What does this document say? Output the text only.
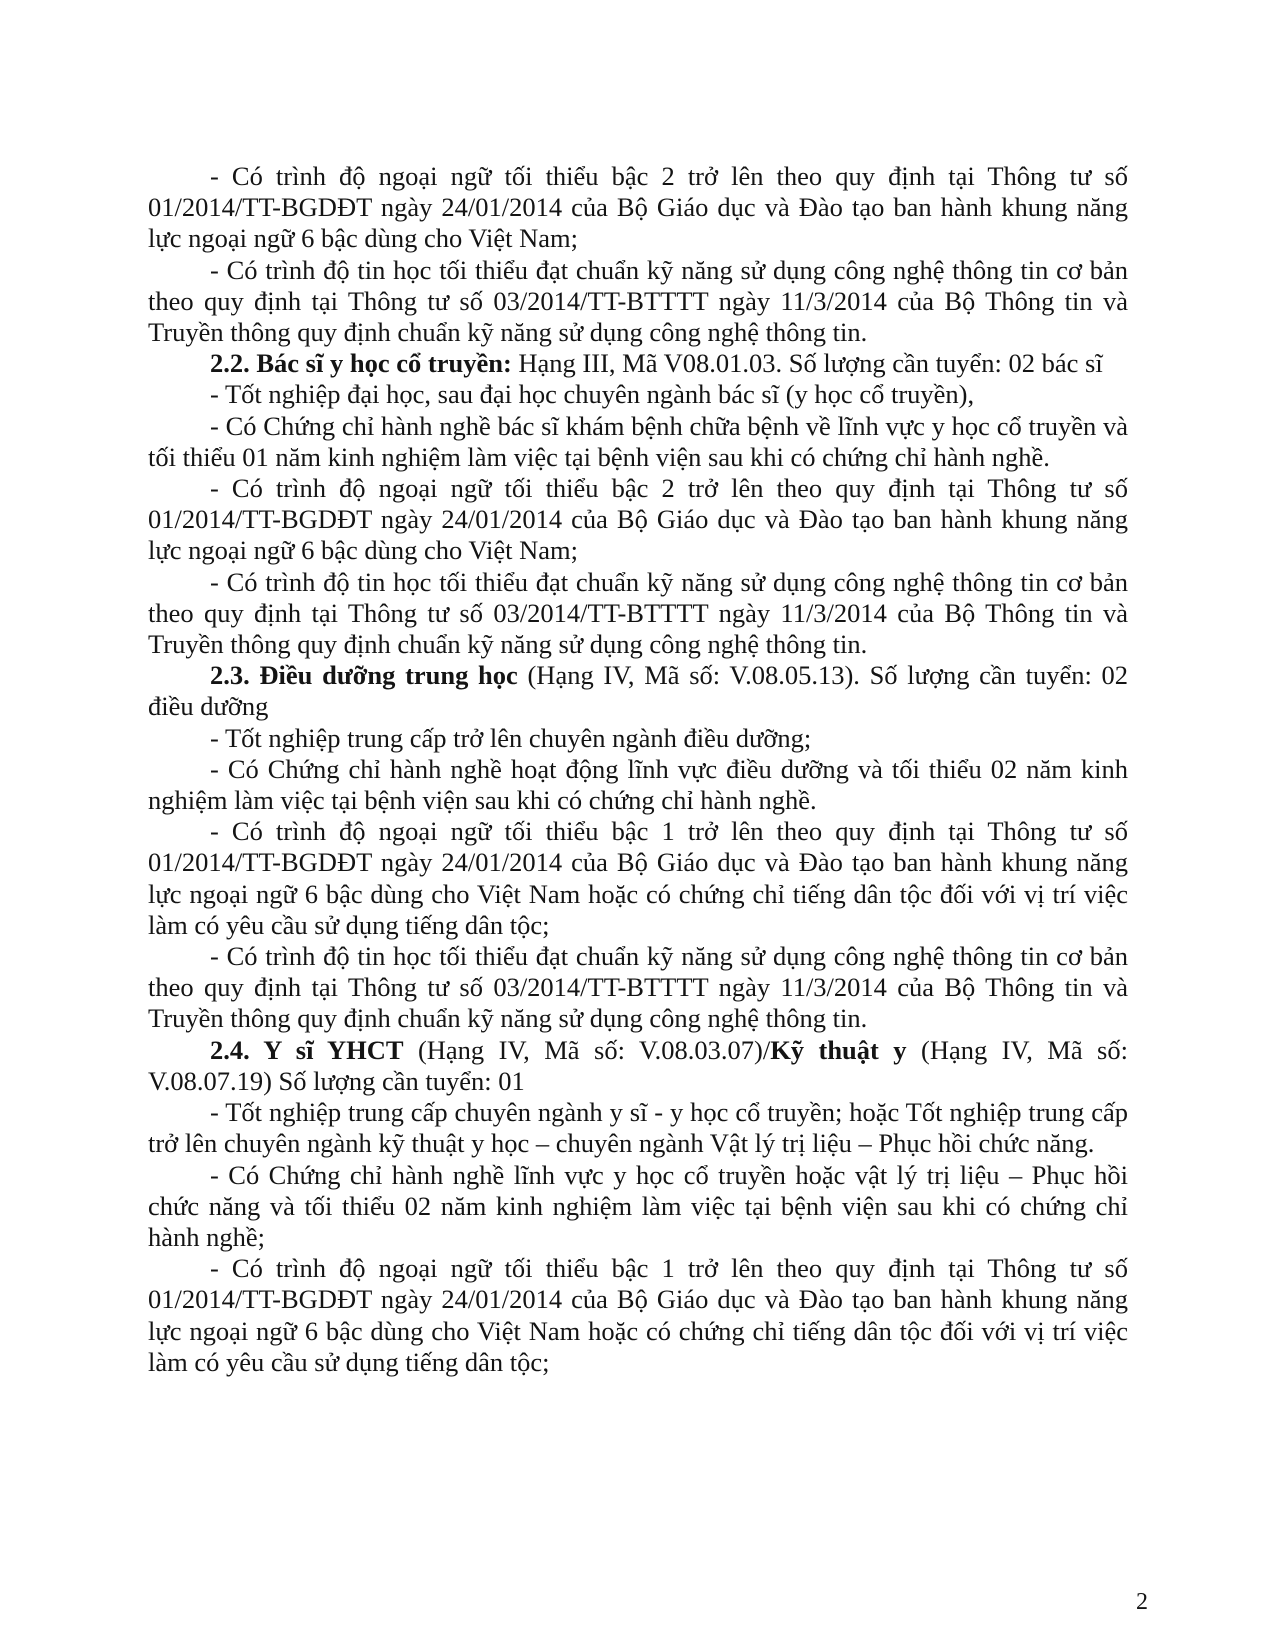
- Có trình độ ngoại ngữ tối thiểu bậc 2 trở lên theo quy định tại Thông tư số 01/2014/TT-BGDĐT ngày 24/01/2014 của Bộ Giáo dục và Đào tạo ban hành khung năng lực ngoại ngữ 6 bậc dùng cho Việt Nam;

- Có trình độ tin học tối thiểu đạt chuẩn kỹ năng sử dụng công nghệ thông tin cơ bản theo quy định tại Thông tư số 03/2014/TT-BTTTT ngày 11/3/2014 của Bộ Thông tin và Truyền thông quy định chuẩn kỹ năng sử dụng công nghệ thông tin.

2.2. Bác sĩ y học cổ truyền: Hạng III, Mã V08.01.03. Số lượng cần tuyển: 02 bác sĩ

- Tốt nghiệp đại học, sau đại học chuyên ngành bác sĩ (y học cổ truyền),

- Có Chứng chỉ hành nghề bác sĩ khám bệnh chữa bệnh về lĩnh vực y học cổ truyền và tối thiểu 01 năm kinh nghiệm làm việc tại bệnh viện sau khi có chứng chỉ hành nghề.

- Có trình độ ngoại ngữ tối thiểu bậc 2 trở lên theo quy định tại Thông tư số 01/2014/TT-BGDĐT ngày 24/01/2014 của Bộ Giáo dục và Đào tạo ban hành khung năng lực ngoại ngữ 6 bậc dùng cho Việt Nam;

- Có trình độ tin học tối thiểu đạt chuẩn kỹ năng sử dụng công nghệ thông tin cơ bản theo quy định tại Thông tư số 03/2014/TT-BTTTT ngày 11/3/2014 của Bộ Thông tin và Truyền thông quy định chuẩn kỹ năng sử dụng công nghệ thông tin.

2.3. Điều dưỡng trung học (Hạng IV, Mã số: V.08.05.13). Số lượng cần tuyển: 02 điều dưỡng

- Tốt nghiệp trung cấp trở lên chuyên ngành điều dưỡng;

- Có Chứng chỉ hành nghề hoạt động lĩnh vực điều dưỡng và tối thiểu 02 năm kinh nghiệm làm việc tại bệnh viện sau khi có chứng chỉ hành nghề.

- Có trình độ ngoại ngữ tối thiểu bậc 1 trở lên theo quy định tại Thông tư số 01/2014/TT-BGDĐT ngày 24/01/2014 của Bộ Giáo dục và Đào tạo ban hành khung năng lực ngoại ngữ 6 bậc dùng cho Việt Nam hoặc có chứng chỉ tiếng dân tộc đối với vị trí việc làm có yêu cầu sử dụng tiếng dân tộc;

- Có trình độ tin học tối thiểu đạt chuẩn kỹ năng sử dụng công nghệ thông tin cơ bản theo quy định tại Thông tư số 03/2014/TT-BTTTT ngày 11/3/2014 của Bộ Thông tin và Truyền thông quy định chuẩn kỹ năng sử dụng công nghệ thông tin.

2.4. Y sĩ YHCT (Hạng IV, Mã số: V.08.03.07)/Kỹ thuật y (Hạng IV, Mã số: V.08.07.19) Số lượng cần tuyển: 01

- Tốt nghiệp trung cấp chuyên ngành y sĩ - y học cổ truyền; hoặc Tốt nghiệp trung cấp trở lên chuyên ngành kỹ thuật y học – chuyên ngành Vật lý trị liệu – Phục hồi chức năng.

- Có Chứng chỉ hành nghề lĩnh vực y học cổ truyền hoặc vật lý trị liệu – Phục hồi chức năng và tối thiểu 02 năm kinh nghiệm làm việc tại bệnh viện sau khi có chứng chỉ hành nghề;

- Có trình độ ngoại ngữ tối thiểu bậc 1 trở lên theo quy định tại Thông tư số 01/2014/TT-BGDĐT ngày 24/01/2014 của Bộ Giáo dục và Đào tạo ban hành khung năng lực ngoại ngữ 6 bậc dùng cho Việt Nam hoặc có chứng chỉ tiếng dân tộc đối với vị trí việc làm có yêu cầu sử dụng tiếng dân tộc;

2
